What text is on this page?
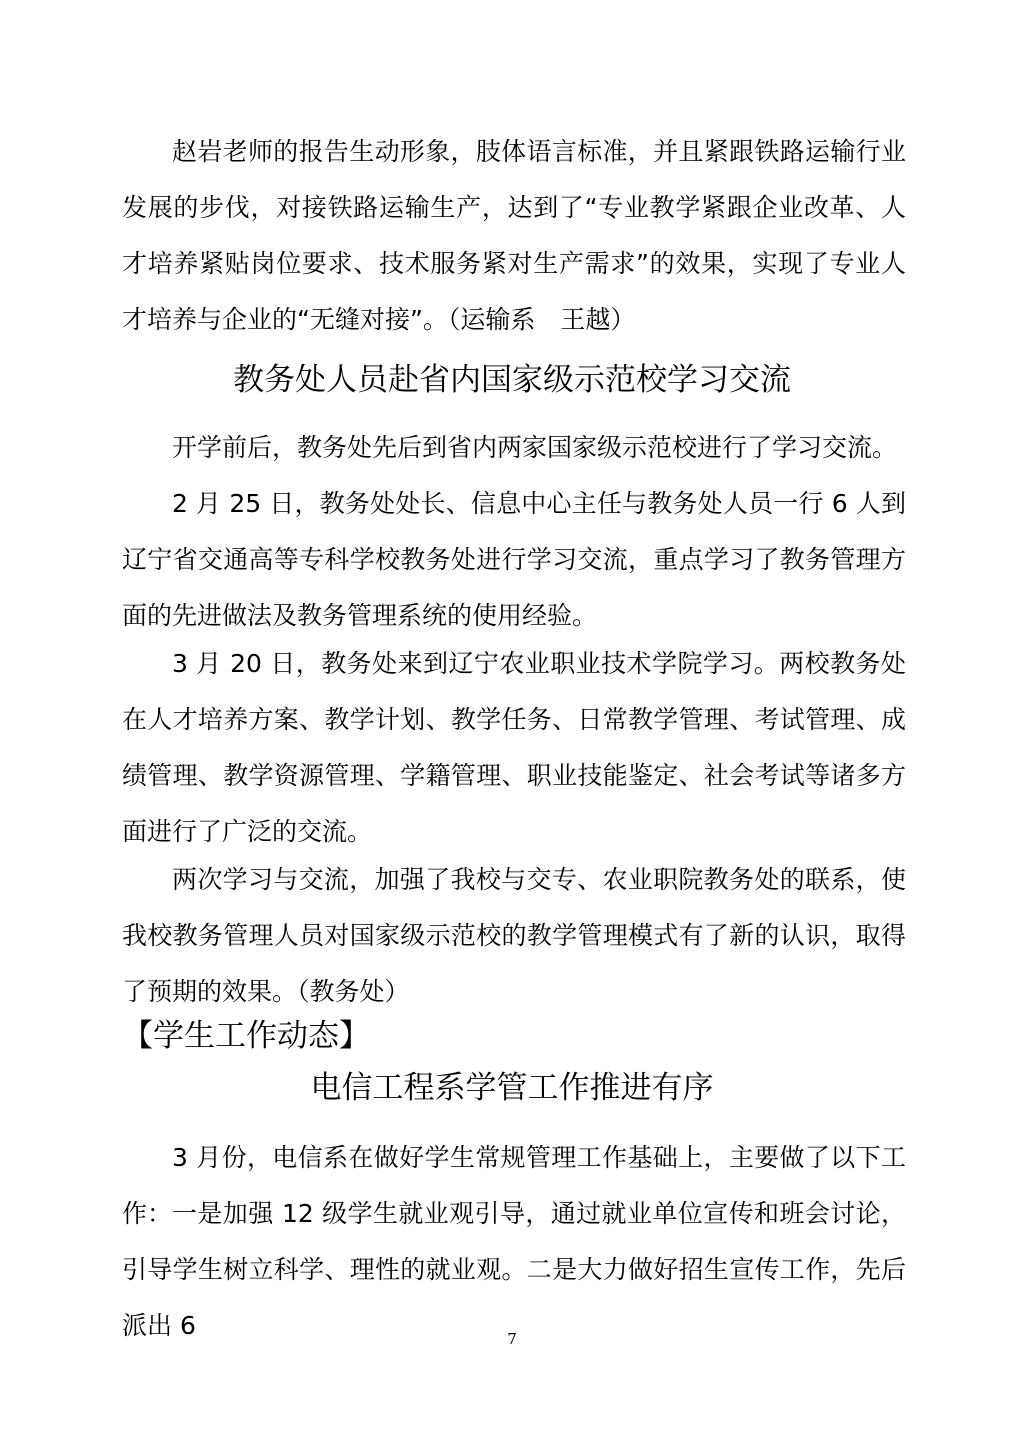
赵岩老师的报告生动形象，肢体语言标准，并且紧跟铁路运输行业发展的步伐，对接铁路运输生产，达到了“专业教学紧跟企业改革、人才培养紧贴岗位要求、技术服务紧对生产需求”的效果，实现了专业人才培养与企业的“无缝对接”。（运输系　王越）

教务处人员赴省内国家级示范校学习交流

开学前后，教务处先后到省内两家国家级示范校进行了学习交流。

2 月 25 日，教务处处长、信息中心主任与教务处人员一行 6 人到辽宁省交通高等专科学校教务处进行学习交流，重点学习了教务管理方面的先进做法及教务管理系统的使用经验。

3 月 20 日，教务处来到辽宁农业职业技术学院学习。两校教务处在人才培养方案、教学计划、教学任务、日常教学管理、考试管理、成绩管理、教学资源管理、学籍管理、职业技能鉴定、社会考试等诸多方面进行了广泛的交流。

两次学习与交流，加强了我校与交专、农业职院教务处的联系，使我校教务管理人员对国家级示范校的教学管理模式有了新的认识，取得了预期的效果。（教务处）

【学生工作动态】
电信工程系学管工作推进有序

3 月份，电信系在做好学生常规管理工作基础上，主要做了以下工作： 一是加强 12 级学生就业观引导，通过就业单位宣传和班会讨论，引导学生树立科学、理性的就业观。二是大力做好招生宣传工作，先后派出 6	7
